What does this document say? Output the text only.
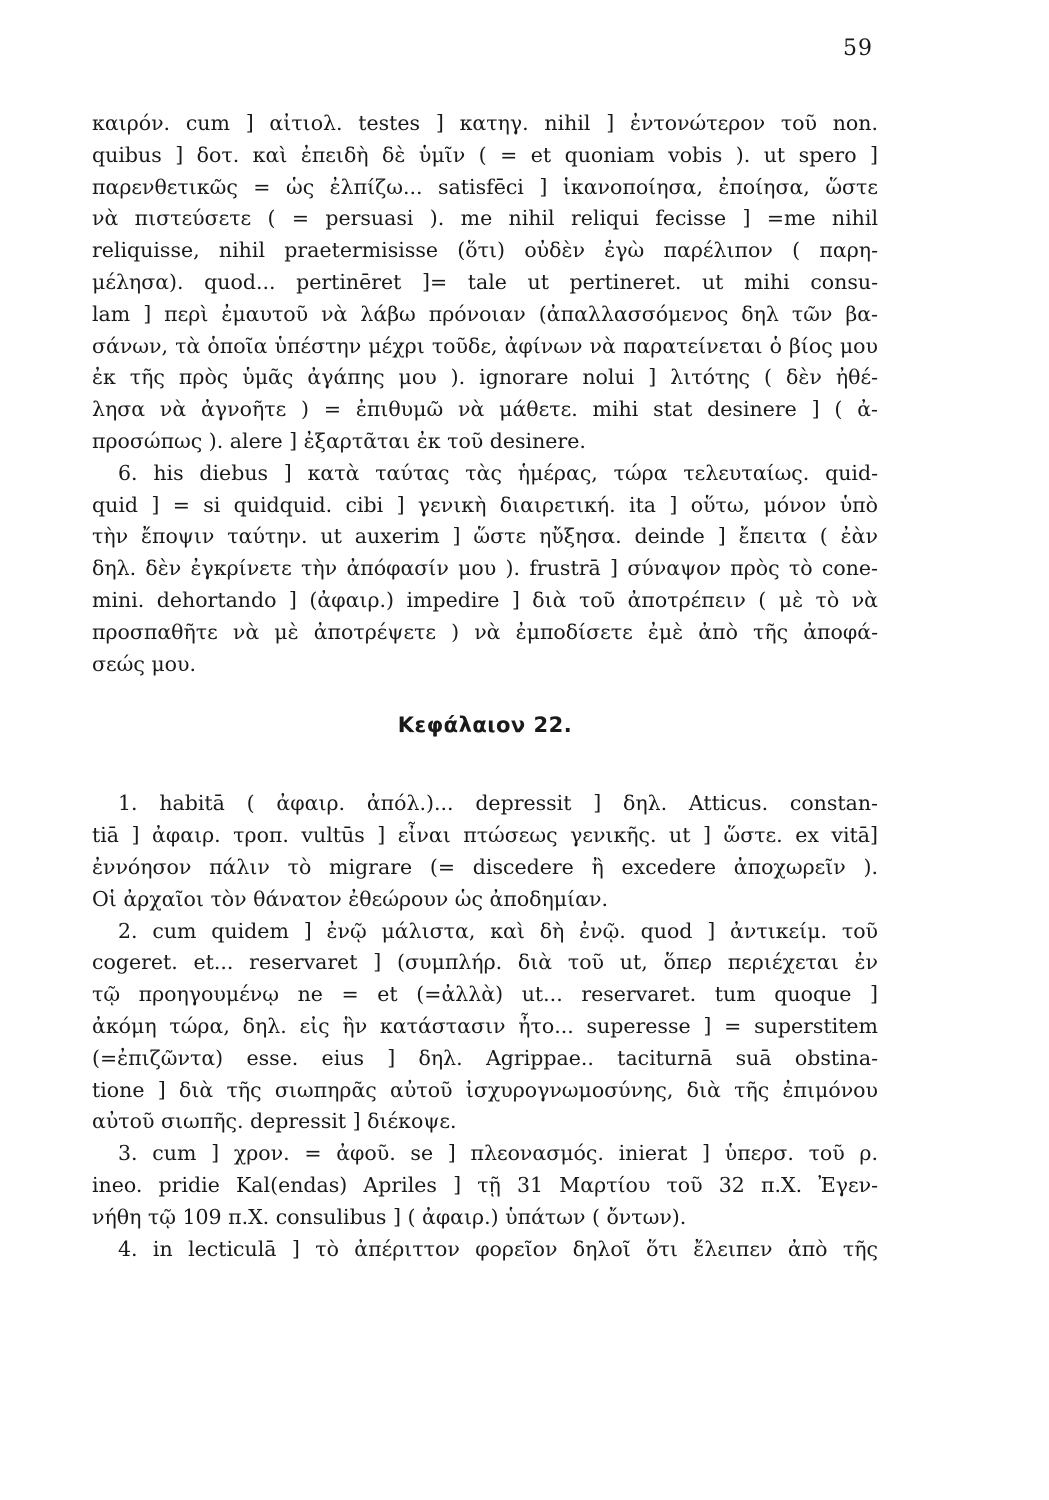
59
καιρόν. cum ] αἰτιολ. testes ] κατηγ. nihil ] ἐντονώτερον τοῦ non.
quibus ] δοτ. καὶ ἐπειδὴ δὲ ὑμῖν ( = et quoniam vobis ). ut spero ]
παρενθετικῶς = ὡς ἐλπίζω... satisfēci ] ἱκανοποίησα, ἐποίησα, ὥστε
νὰ πιστεύσετε ( = persuasi ). me nihil reliqui fecisse ] =me nihil
reliquisse, nihil praetermisisse (ὅτι) οὐδὲν ἐγὼ παρέλιπον ( παρη-
μέλησα). quod... pertinēret ]= tale ut pertineret. ut mihi consu-
lam ] περὶ ἐμαυτοῦ νὰ λάβω πρόνοιαν (ἀπαλλασσόμενος δηλ τῶν βα-
σάνων, τὰ ὁποῖα ὑπέστην μέχρι τοῦδε, ἀφίνων νὰ παρατείνεται ὁ βίος μου
ἐκ τῆς πρὸς ὑμᾶς ἀγάπης μου ). ignorare nolui ] λιτότης ( δὲν ἠθέ-
λησα νὰ ἀγνοῆτε ) = ἐπιθυμῶ νὰ μάθετε. mihi stat desinere ] ( ἀ-
προσώπως ). alere ] ἐξαρτᾶται ἐκ τοῦ desinere.
6. his diebus ] κατὰ ταύτας τὰς ἡμέρας, τώρα τελευταίως. quid-
quid ] = si quidquid. cibi ] γενικὴ διαιρετική. ita ] οὕτω, μόνον ὑπὸ
τὴν ἔποψιν ταύτην. ut auxerim ] ὥστε ηὔξησα. deinde ] ἔπειτα ( ἐὰν
δηλ. δὲν ἐγκρίνετε τὴν ἀπόφασίν μου ). frustrā ] σύναψον πρὸς τὸ cone-
mini. dehortando ] (ἀφαιρ.) impedire ] διὰ τοῦ ἀποτρέπειν ( μὲ τὸ νὰ
προσπαθῆτε νὰ μὲ ἀποτρέψετε ) νὰ ἐμποδίσετε ἐμὲ ἀπὸ τῆς ἀποφά-
σεώς μου.
Κεφάλαιον 22.
1. habitā ( ἀφαιρ. ἀπόλ.)... depressit ] δηλ. Atticus. constan-
tiā ] ἀφαιρ. τροπ. vultūs ] εἶναι πτώσεως γενικῆς. ut ] ὥστε. ex vitā]
ἐννόησον πάλιν τὸ migrare (= discedere ἢ excedere ἀποχωρεῖν ).
Οἱ ἀρχαῖοι τὸν θάνατον ἐθεώρουν ὡς ἀποδημίαν.
2. cum quidem ] ἐνῷ μάλιστα, καὶ δὴ ἐνῷ. quod ] ἀντικείμ. τοῦ
cogeret. et... reservaret ] (συμπλήρ. διὰ τοῦ ut, ὅπερ περιέχεται ἐν
τῷ προηγουμένῳ ne = et (=ἀλλὰ) ut... reservaret. tum quoque ]
ἀκόμη τώρα, δηλ. εἰς ἣν κατάστασιν ἦτο... superesse ] = superstitem
(=ἐπιζῶντα) esse. eius ] δηλ. Agrippae.. taciturnā suā obstina-
tione ] διὰ τῆς σιωπηρᾶς αὐτοῦ ἰσχυρογνωμοσύνης, διὰ τῆς ἐπιμόνου
αὐτοῦ σιωπῆς. depressit ] διέκοψε.
3. cum ] χρον. = ἀφοῦ. se ] πλεονασμός. inierat ] ὑπερσ. τοῦ ρ.
ineo. pridie Kal(endas) Apriles ] τῇ 31 Μαρτίου τοῦ 32 π.Χ. Ἐγεν-
νήθη τῷ 109 π.Χ. consulibus ] ( ἀφαιρ.) ὑπάτων ( ὄντων).
4. in lecticulā ] τὸ ἀπέριττον φορεῖον δηλοῖ ὅτι ἔλειπεν ἀπὸ τῆς
